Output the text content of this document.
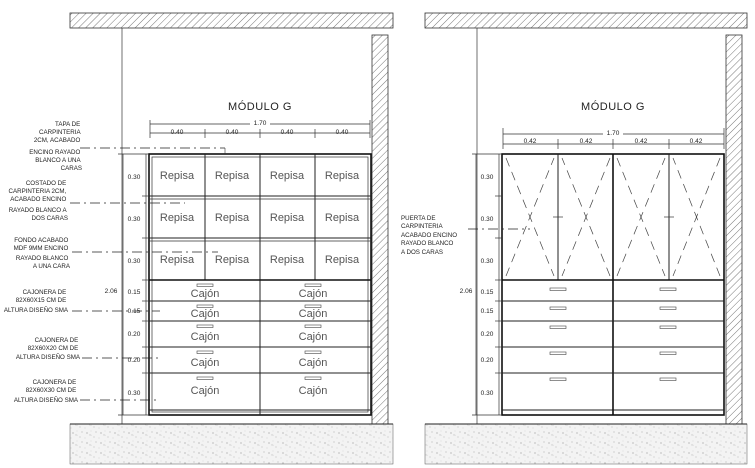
MÓDULO G
1.70
0.40	0.40	0.40	0.40
Repisa Repisa Repisa Repisa
Repisa Repisa Repisa Repisa
Repisa Repisa Repisa Repisa
Cajón	Cajón
Cajón	Cajón
Cajón	Cajón
Cajón	Cajón
Cajón	Cajón
2.06
0.30
0.30
0.30
0.15
0.15
0.20
0.20
0.30
TAPA DE CARPINTERIA 2CM, ACABADO ENCINO RAYADO BLANCO A UNA CARAS
COSTADO DE CARPINTERIA 2CM, ACABADO ENCINO RAYADO BLANCO A DOS CARAS
FONDO ACABADO MDF 9MM ENCINO RAYADO BLANCO A UNA CARA
CAJONERA DE 82X60X15 CM DE ALTURA DISEÑO SMA
CAJONERA DE 82X60X20 CM DE ALTURA DISEÑO SMA
CAJONERA DE 82X60X30 CM DE ALTURA DISEÑO SMA
MÓDULO G
1.70
0.42	0.42	0.42	0.42
2.06
0.30
0.30
0.30
0.15
0.15
0.20
0.20
0.30
PUERTA DE CARPINTERIA ACABADO ENCINO RAYADO BLANCO A DOS CARAS
